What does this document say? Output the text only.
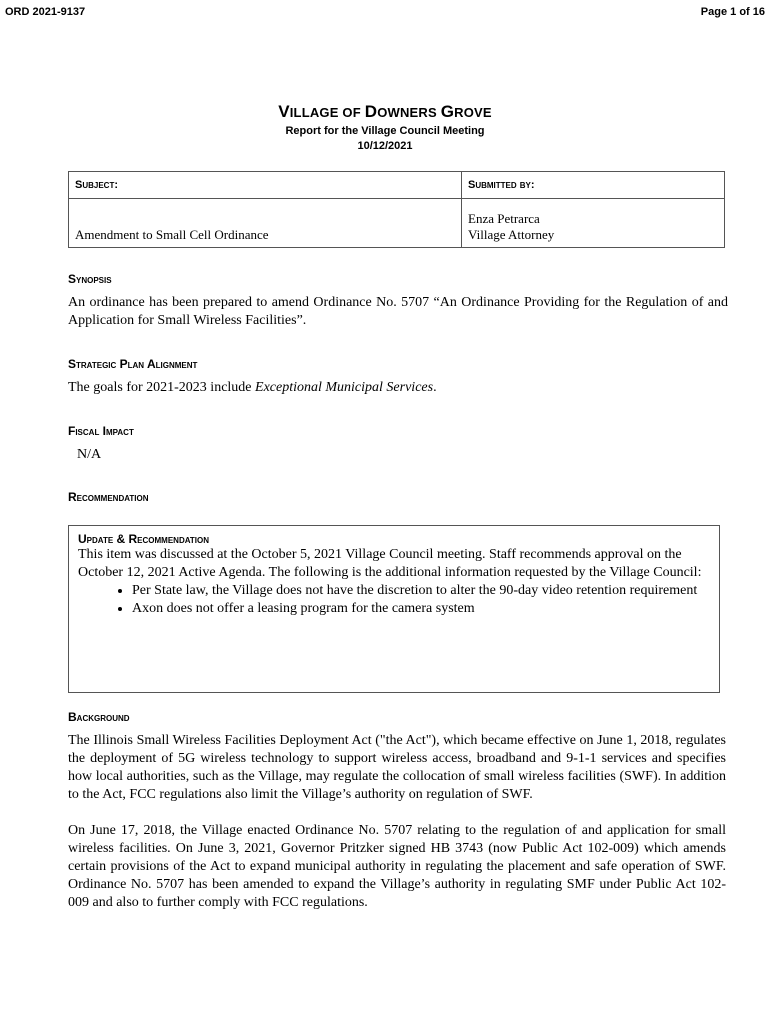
ORD 2021-9137	Page 1 of 16
VILLAGE OF DOWNERS GROVE
Report for the Village Council Meeting
10/12/2021
Subject:	Submitted by:
Amendment to Small Cell Ordinance	Enza Petrarca
Village Attorney
Synopsis
An ordinance has been prepared to amend Ordinance No. 5707 “An Ordinance Providing for the Regulation of and Application for Small Wireless Facilities”.
Strategic Plan Alignment
The goals for 2021-2023 include Exceptional Municipal Services.
Fiscal Impact
N/A
Recommendation
Update & Recommendation
This item was discussed at the October 5, 2021 Village Council meeting. Staff recommends approval on the October 12, 2021 Active Agenda. The following is the additional information requested by the Village Council:
• Per State law, the Village does not have the discretion to alter the 90-day video retention requirement
• Axon does not offer a leasing program for the camera system
Background
The Illinois Small Wireless Facilities Deployment Act ("the Act"), which became effective on June 1, 2018, regulates the deployment of 5G wireless technology to support wireless access, broadband and 9-1-1 services and specifies how local authorities, such as the Village, may regulate the collocation of small wireless facilities (SWF). In addition to the Act, FCC regulations also limit the Village’s authority on regulation of SWF.
On June 17, 2018, the Village enacted Ordinance No. 5707 relating to the regulation of and application for small wireless facilities. On June 3, 2021, Governor Pritzker signed HB 3743 (now Public Act 102-009) which amends certain provisions of the Act to expand municipal authority in regulating the placement and safe operation of SWF. Ordinance No. 5707 has been amended to expand the Village’s authority in regulating SMF under Public Act 102-009 and also to further comply with FCC regulations.
